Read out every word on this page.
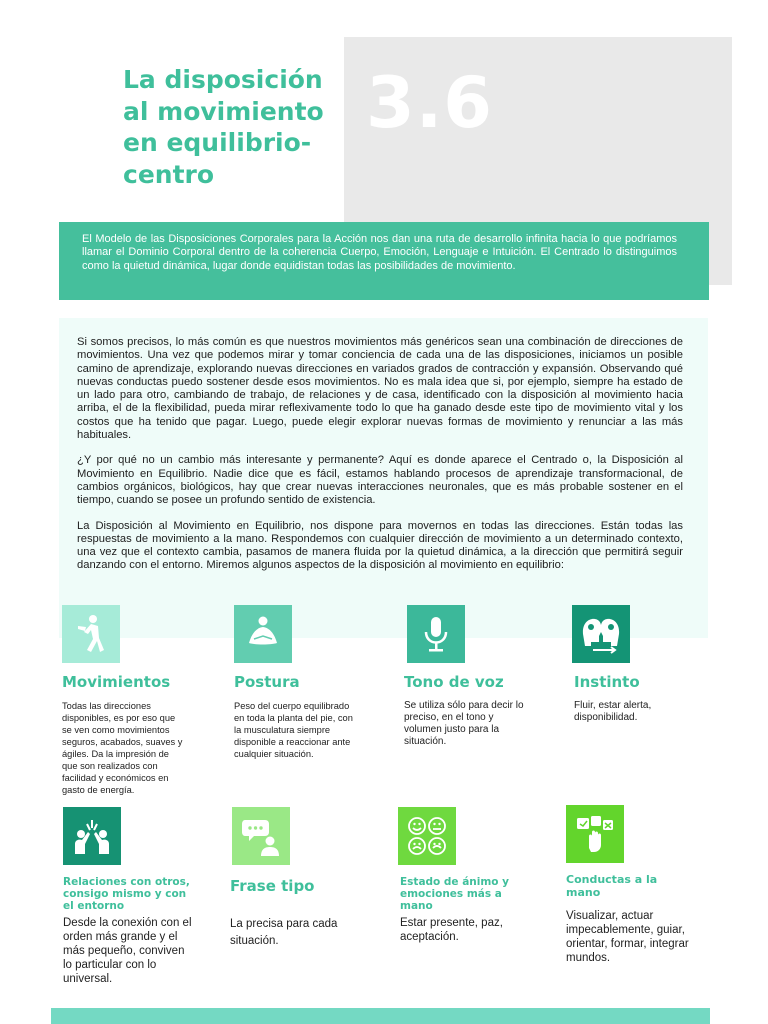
3.6
La disposición al movimiento en equilibrio-centro

El Modelo de las Disposiciones Corporales para la Acción nos dan una ruta de desarrollo infinita hacia lo que podríamos llamar el Dominio Corporal dentro de la coherencia Cuerpo, Emoción, Lenguaje e Intuición. El Centrado lo distinguimos como la quietud dinámica, lugar donde equidistan todas las posibilidades de movimiento.

Si somos precisos, lo más común es que nuestros movimientos más genéricos sean una combinación de direcciones de movimientos. Una vez que podemos mirar y tomar conciencia de cada una de las disposiciones, iniciamos un posible camino de aprendizaje, explorando nuevas direcciones en variados grados de contracción y expansión. Observando qué nuevas conductas puedo sostener desde esos movimientos. No es mala idea que si, por ejemplo, siempre ha estado de un lado para otro, cambiando de trabajo, de relaciones y de casa, identificado con la disposición al movimiento hacia arriba, el de la flexibilidad, pueda mirar reflexivamente todo lo que ha ganado desde este tipo de movimiento vital y los costos que ha tenido que pagar. Luego, puede elegir explorar nuevas formas de movimiento y renunciar a las más habituales.

¿Y por qué no un cambio más interesante y permanente? Aquí es donde aparece el Centrado o, la Disposición al Movimiento en Equilibrio. Nadie dice que es fácil, estamos hablando procesos de aprendizaje transformacional, de cambios orgánicos, biológicos, hay que crear nuevas interacciones neuronales, que es más probable sostener en el tiempo, cuando se posee un profundo sentido de existencia.

La Disposición al Movimiento en Equilibrio, nos dispone para movernos en todas las direcciones. Están todas las respuestas de movimiento a la mano. Respondemos con cualquier dirección de movimiento a un determinado contexto, una vez que el contexto cambia, pasamos de manera fluida por la quietud dinámica, a la dirección que permitirá seguir danzando con el entorno. Miremos algunos aspectos de la disposición al movimiento en equilibrio:

Movimientos

Todas las direcciones disponibles, es por eso que se ven como movimientos seguros, acabados, suaves y ágiles. Da la impresión de que son realizados con facilidad y económicos en gasto de energía.

Postura

Peso del cuerpo equilibrado en toda la planta del pie, con la musculatura siempre disponible a reaccionar ante cualquier situación.

Tono de voz

Se utiliza sólo para decir lo preciso, en el tono y volumen justo para la situación.

Instinto

Fluir, estar alerta, disponibilidad.

Relaciones con otros, consigo mismo y con el entorno

Desde la conexión con el orden más grande y el más pequeño, conviven lo particular con lo universal.

Frase tipo

La precisa para cada situación.

Estado de ánimo y emociones más a mano

Estar presente, paz, aceptación.

Conductas a la mano

Visualizar, actuar impecablemente, guiar, orientar, formar, integrar mundos.
